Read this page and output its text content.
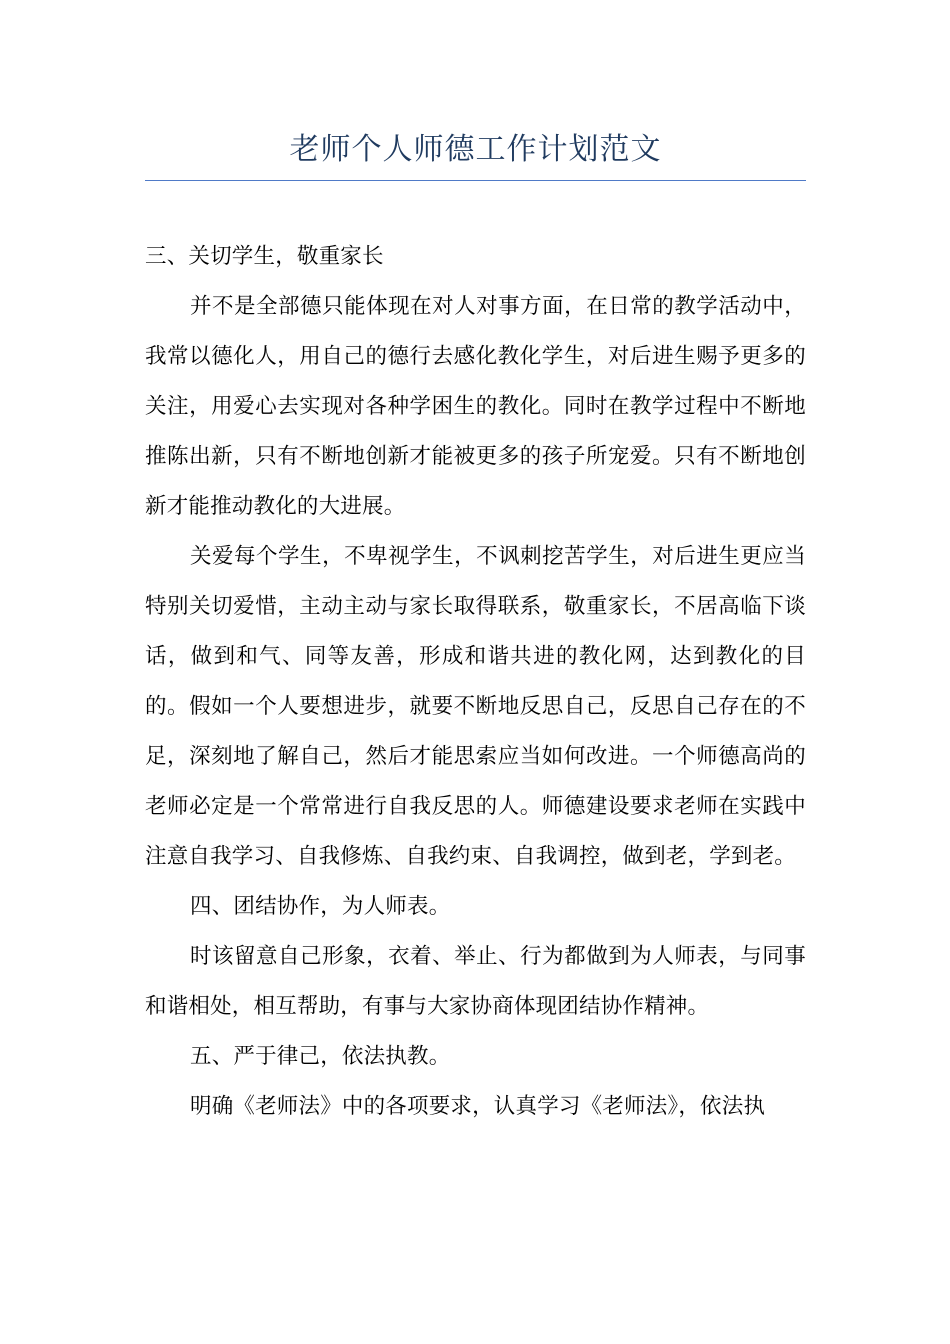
老师个人师德工作计划范文

三、关切学生，敬重家长

并不是全部德只能体现在对人对事方面，在日常的教学活动中，我常以德化人，用自己的德行去感化教化学生，对后进生赐予更多的关注，用爱心去实现对各种学困生的教化。同时在教学过程中不断地推陈出新，只有不断地创新才能被更多的孩子所宠爱。只有不断地创新才能推动教化的大进展。

关爱每个学生，不卑视学生，不讽刺挖苦学生，对后进生更应当特别关切爱惜，主动主动与家长取得联系，敬重家长，不居高临下谈话，做到和气、同等友善，形成和谐共进的教化网，达到教化的目的。假如一个人要想进步，就要不断地反思自己，反思自己存在的不足，深刻地了解自己，然后才能思索应当如何改进。一个师德高尚的老师必定是一个常常进行自我反思的人。师德建设要求老师在实践中注意自我学习、自我修炼、自我约束、自我调控，做到老，学到老。

四、团结协作，为人师表。

时该留意自己形象，衣着、举止、行为都做到为人师表，与同事和谐相处，相互帮助，有事与大家协商体现团结协作精神。

五、严于律己，依法执教。

明确《老师法》中的各项要求，认真学习《老师法》，依法执
